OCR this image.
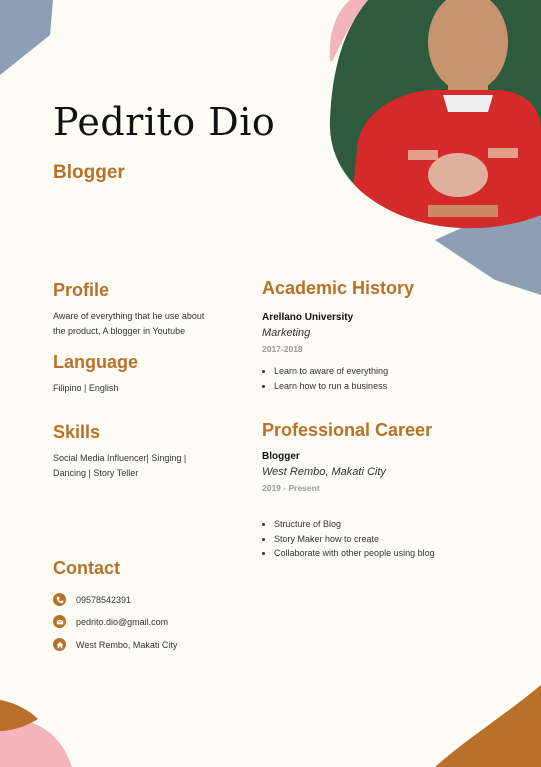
Pedrito Dio
Blogger
Profile
Aware of everything that he use about
the product, A blogger in Youtube
Language
Filipino | English
Skills
Social Media Influencer| Singing |
Dancing | Story Teller
Contact
09578542391
pedrito.dio@gmail.com
West Rembo, Makati City
Academic History
Arellano University
Marketing
2017-2018
• Learn to aware of everything
• Learn how to run a business
Professional Career
Blogger
West Rembo, Makati City
2019 - Present
• Structure of Blog
• Story Maker how to create
• Collaborate with other people using blog
